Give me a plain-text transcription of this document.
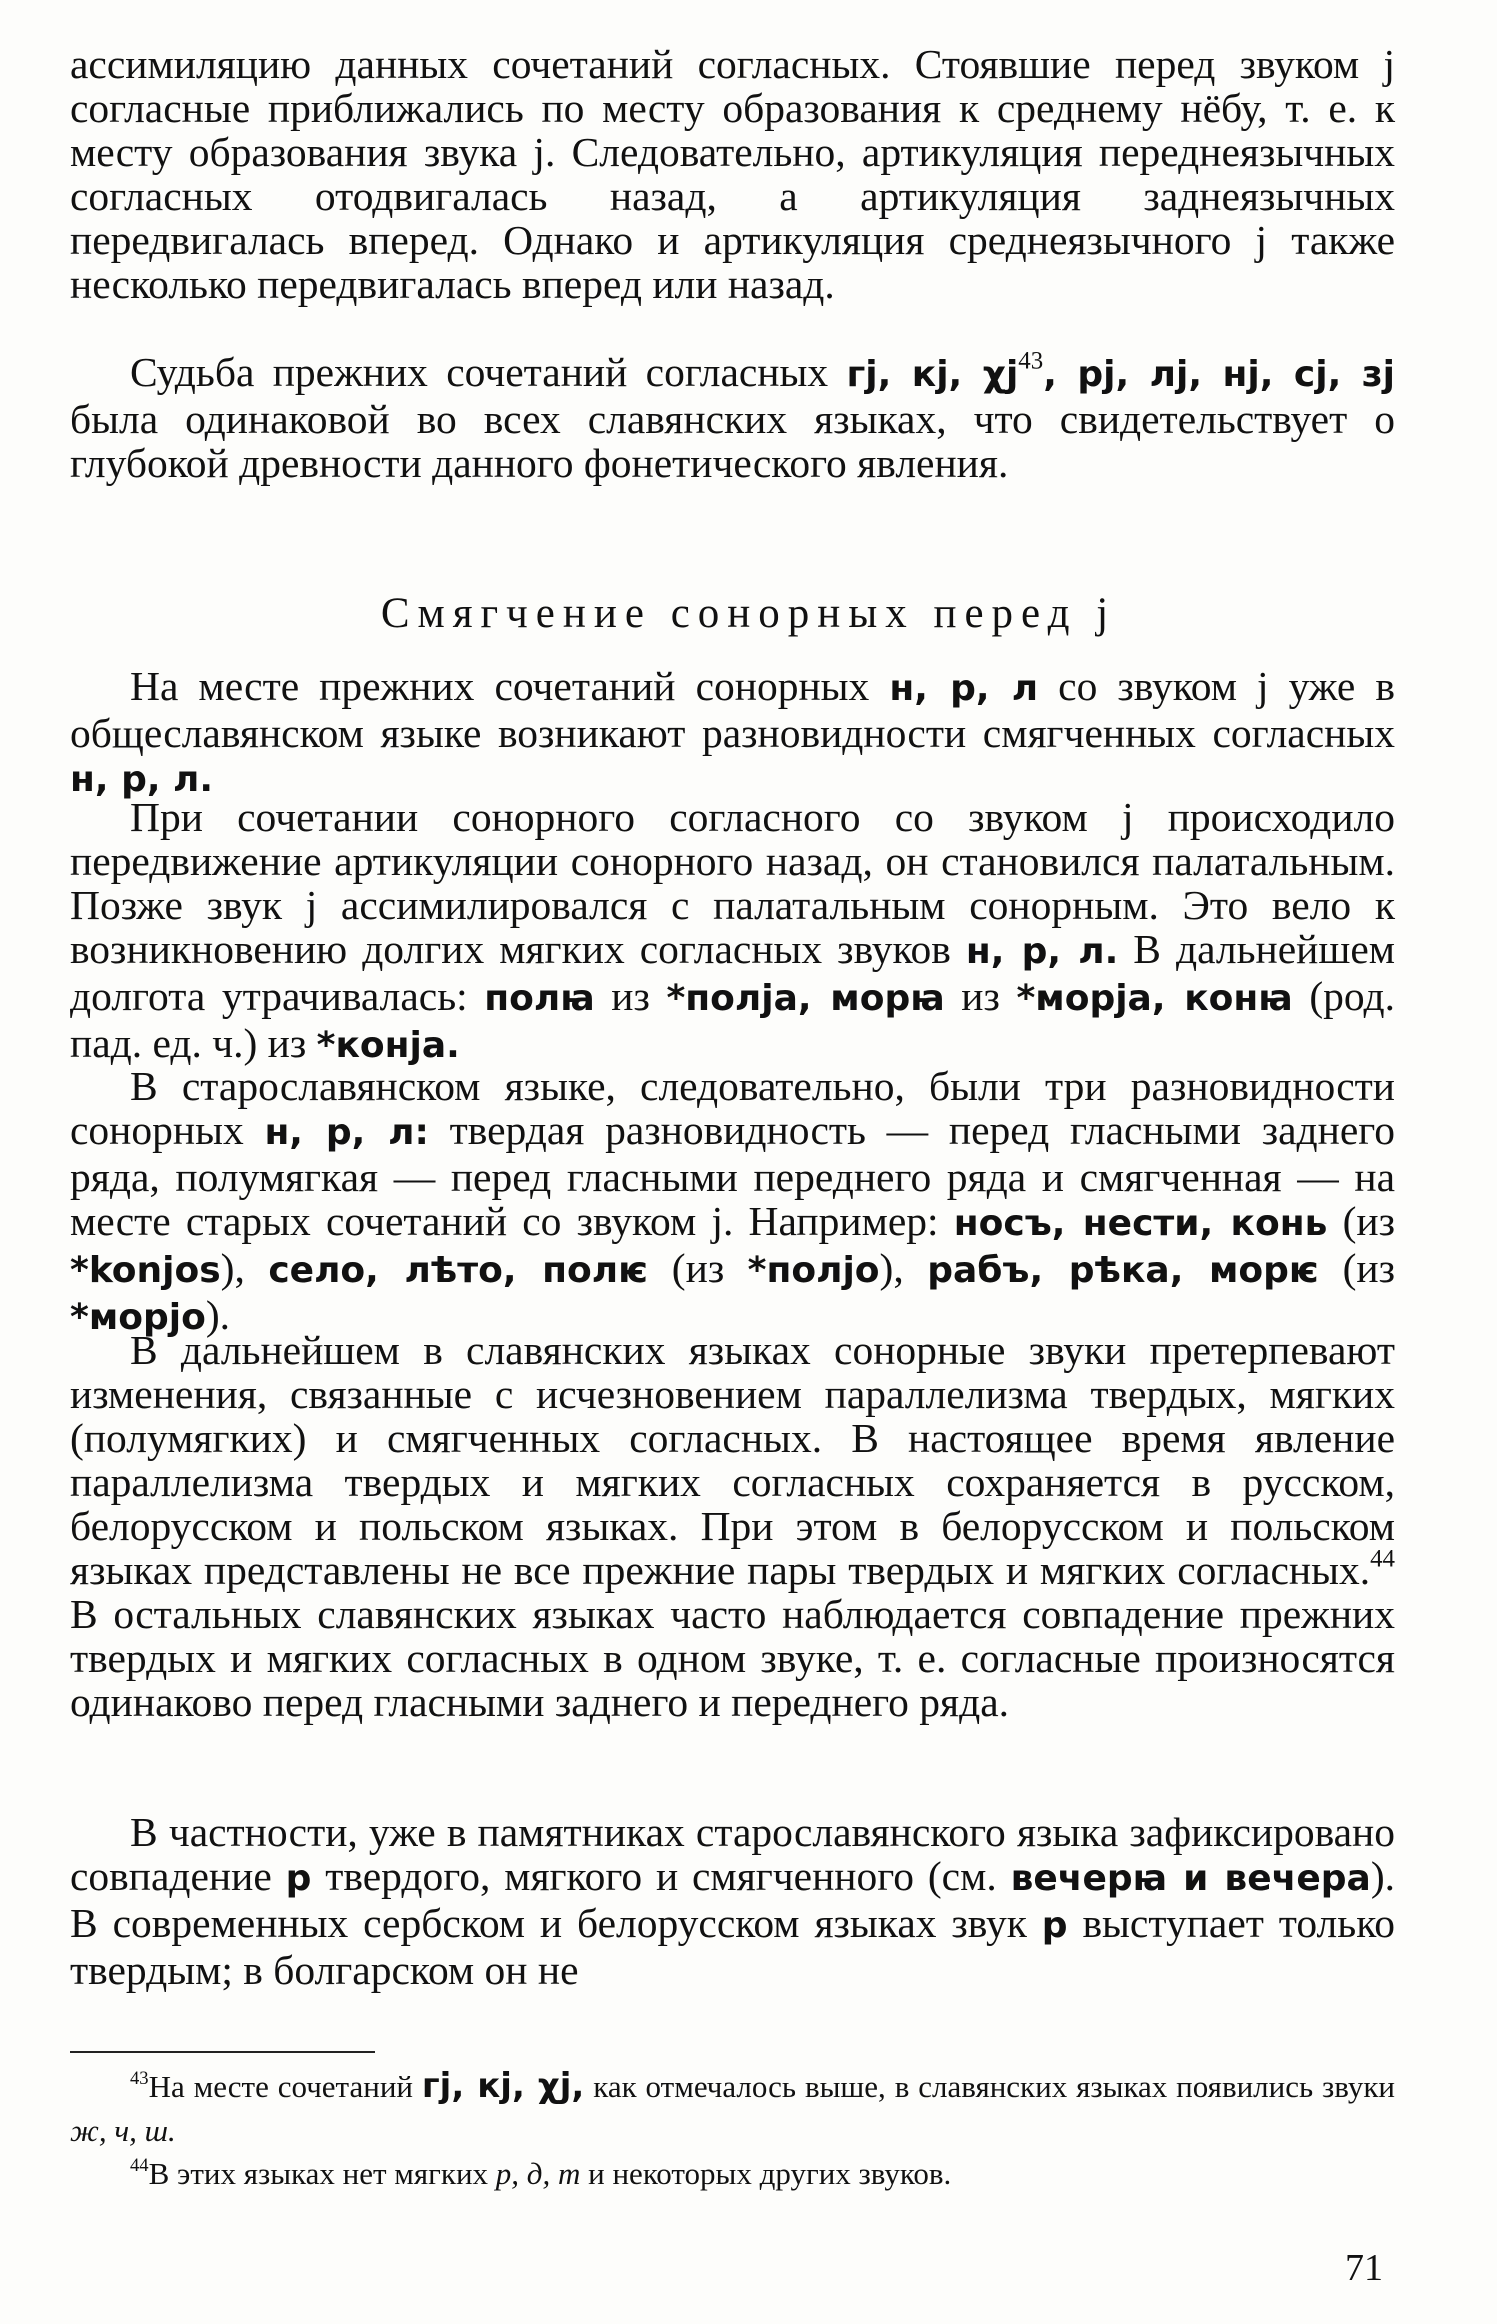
ассимиляцию данных сочетаний согласных. Стоявшие перед звуком j согласные приближались по месту образования к среднему нёбу, т. е. к месту образования звука j. Следовательно, артикуляция переднеязычных согласных отодвигалась назад, а артикуляция заднеязычных передвигалась вперед. Однако и артикуляция среднеязычного j также несколько передвигалась вперед или назад.

Судьба прежних сочетаний согласных гj, кj, $\chi j^{43}$, рj, лj, нj, сj, зj была одинаковой во всех славянских языках, что свидетельствует о глубокой древности данного фонетического явления.

Смягчение сонорных перед j

На месте прежних сочетаний сонорных н, р, л со звуком j уже в общеславянском языке возникают разновидности смягченных согласных н, р, л.

При сочетании сонорного согласного со звуком j происходило передвижение артикуляции сонорного назад, он становился палатальным. Позже звук j ассимилировался с палатальным сонорным. Это вело к возникновению долгих мягких согласных звуков н, р, л. В дальнейшем долгота утрачивалась: полꙗ из *полjа, морꙗ из *морjа, конꙗ (род. пад. ед. ч.) из *конjа.

В старославянском языке, следовательно, были три разновидности сонорных н, р, л: твердая разновидность — перед гласными заднего ряда, полумягкая — перед гласными переднего ряда и смягченная — на месте старых сочетаний со звуком j. Например: носъ, нести, конь (из *konjos), село, лѣто, полѥ (из *полjо), рабъ, рѣка, морѥ (из *морjо).

В дальнейшем в славянских языках сонорные звуки претерпевают изменения, связанные с исчезновением параллелизма твердых, мягких (полумягких) и смягченных согласных. В настоящее время явление параллелизма твердых и мягких согласных сохраняется в русском, белорусском и польском языках. При этом в белорусском и польском языках представлены не все прежние пары твердых и мягких согласных.$^{44}$ В остальных славянских языках часто наблюдается совпадение прежних твердых и мягких согласных в одном звуке, т. е. согласные произносятся одинаково перед гласными заднего и переднего ряда.

В частности, уже в памятниках старославянского языка зафиксировано совпадение р твердого, мягкого и смягченного (см. вечерꙗ и вечера). В современных сербском и белорусском языках звук р выступает только твердым; в болгарском он не

$^{43}$На месте сочетаний гj, кj, χj, как отмечалось выше, в славянских языках появились звуки ж, ч, ш.

$^{44}$В этих языках нет мягких р, д, т и некоторых других звуков.

71
